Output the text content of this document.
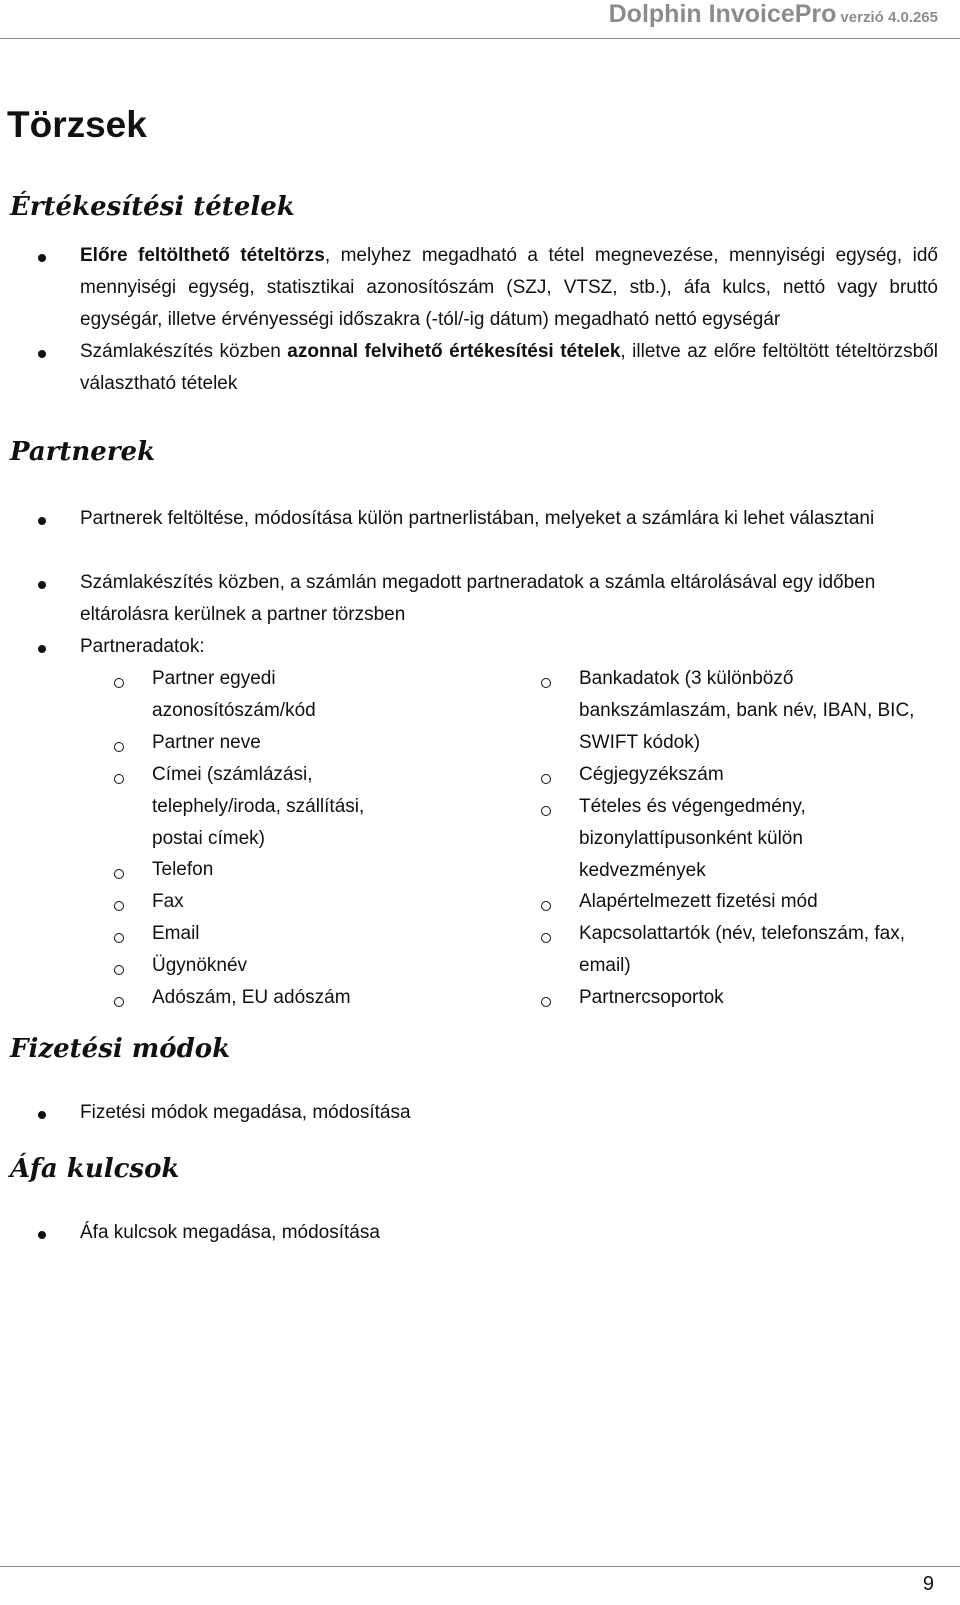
Dolphin InvoicePro verzió 4.0.265
Törzsek
Értékesítési tételek

Előre feltölthető tételtörzs, melyhez megadható a tétel megnevezése, mennyiségi egység, idő mennyiségi egység, statisztikai azonosítószám (SZJ, VTSZ, stb.), áfa kulcs, nettó vagy bruttó egységár, illetve érvényességi időszakra (-tól/-ig dátum) megadható nettó egységár

Számlakészítés közben azonnal felvihető értékesítési tételek, illetve az előre feltöltött tételtörzsből választható tételek

Partnerek

Partnerek feltöltése, módosítása külön partnerlistában, melyeket a számlára ki lehet választani

Számlakészítés közben, a számlán megadott partneradatok a számla eltárolásával egy időben eltárolásra kerülnek a partner törzsben

Partneradatok:

Partner egyedi azonosítószám/kód

Partner neve

Címei (számlázási, telephely/iroda, szállítási, postai címek)

Telefon

Fax

Email

Ügynöknév

Adószám, EU adószám

Bankadatok (3 különböző bankszámlaszám, bank név, IBAN, BIC, SWIFT kódok)

Cégjegyzékszám

Tételes és végengedmény, bizonylattípusonként külön kedvezmények

Alapértelmezett fizetési mód

Kapcsolattartók (név, telefonszám, fax, email)

Partnercsoportok

Fizetési módok

Fizetési módok megadása, módosítása

Áfa kulcsok

Áfa kulcsok megadása, módosítása

9
